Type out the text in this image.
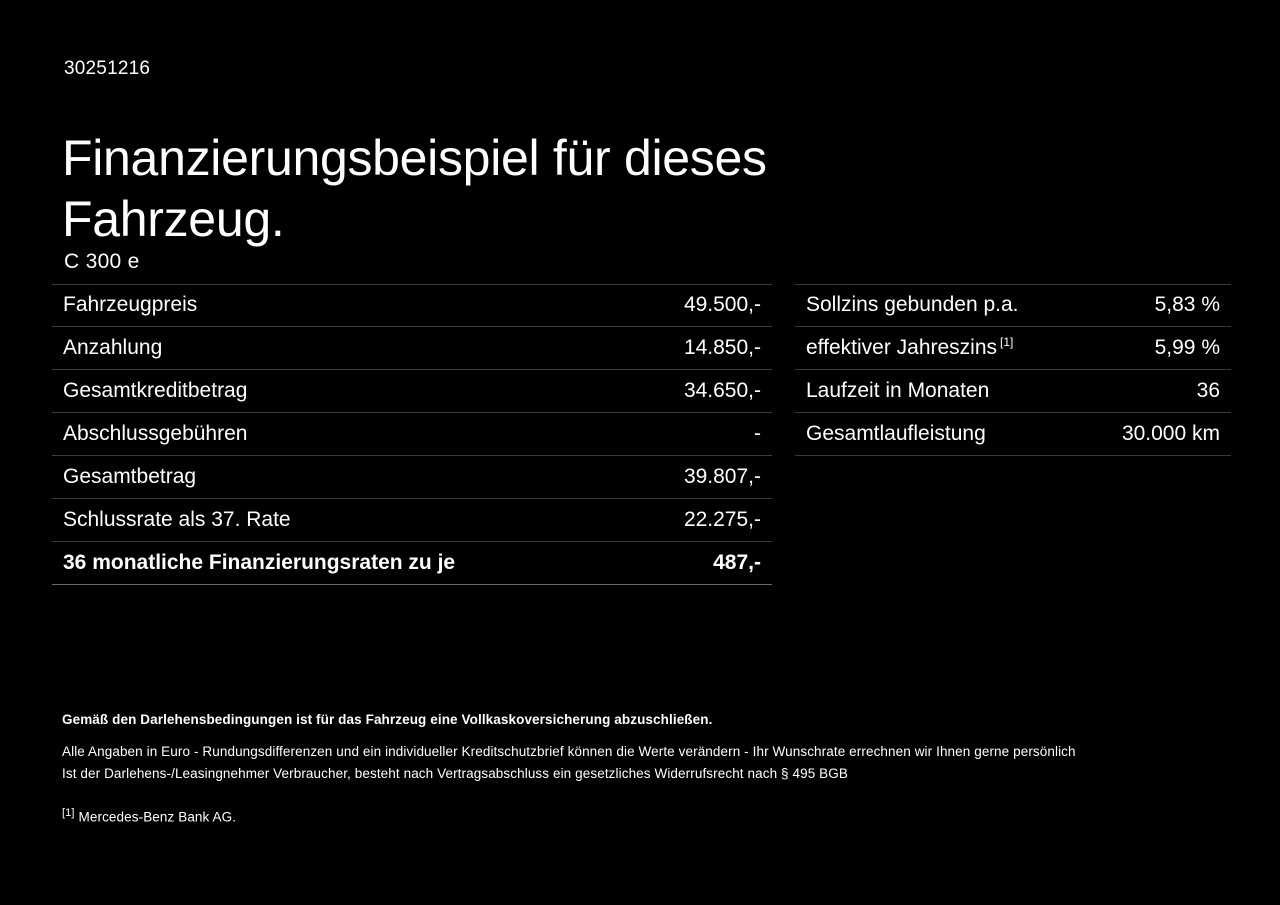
30251216
Finanzierungsbeispiel für dieses Fahrzeug.
C 300 e
Fahrzeugpreis	49.500,-
Anzahlung	14.850,-
Gesamtkreditbetrag	34.650,-
Abschlussgebühren	-
Gesamtbetrag	39.807,-
Schlussrate als 37. Rate	22.275,-
36 monatliche Finanzierungsraten zu je	487,-
Sollzins gebunden p.a.	5,83 %
effektiver Jahreszins [1]	5,99 %
Laufzeit in Monaten	36
Gesamtlaufleistung	30.000 km
Gemäß den Darlehensbedingungen ist für das Fahrzeug eine Vollkaskoversicherung abzuschließen.
Alle Angaben in Euro - Rundungsdifferenzen und ein individueller Kreditschutzbrief können die Werte verändern - Ihr Wunschrate errechnen wir Ihnen gerne persönlich
Ist der Darlehens-/Leasingnehmer Verbraucher, besteht nach Vertragsabschluss ein gesetzliches Widerrufsrecht nach § 495 BGB
[1] Mercedes-Benz Bank AG.
